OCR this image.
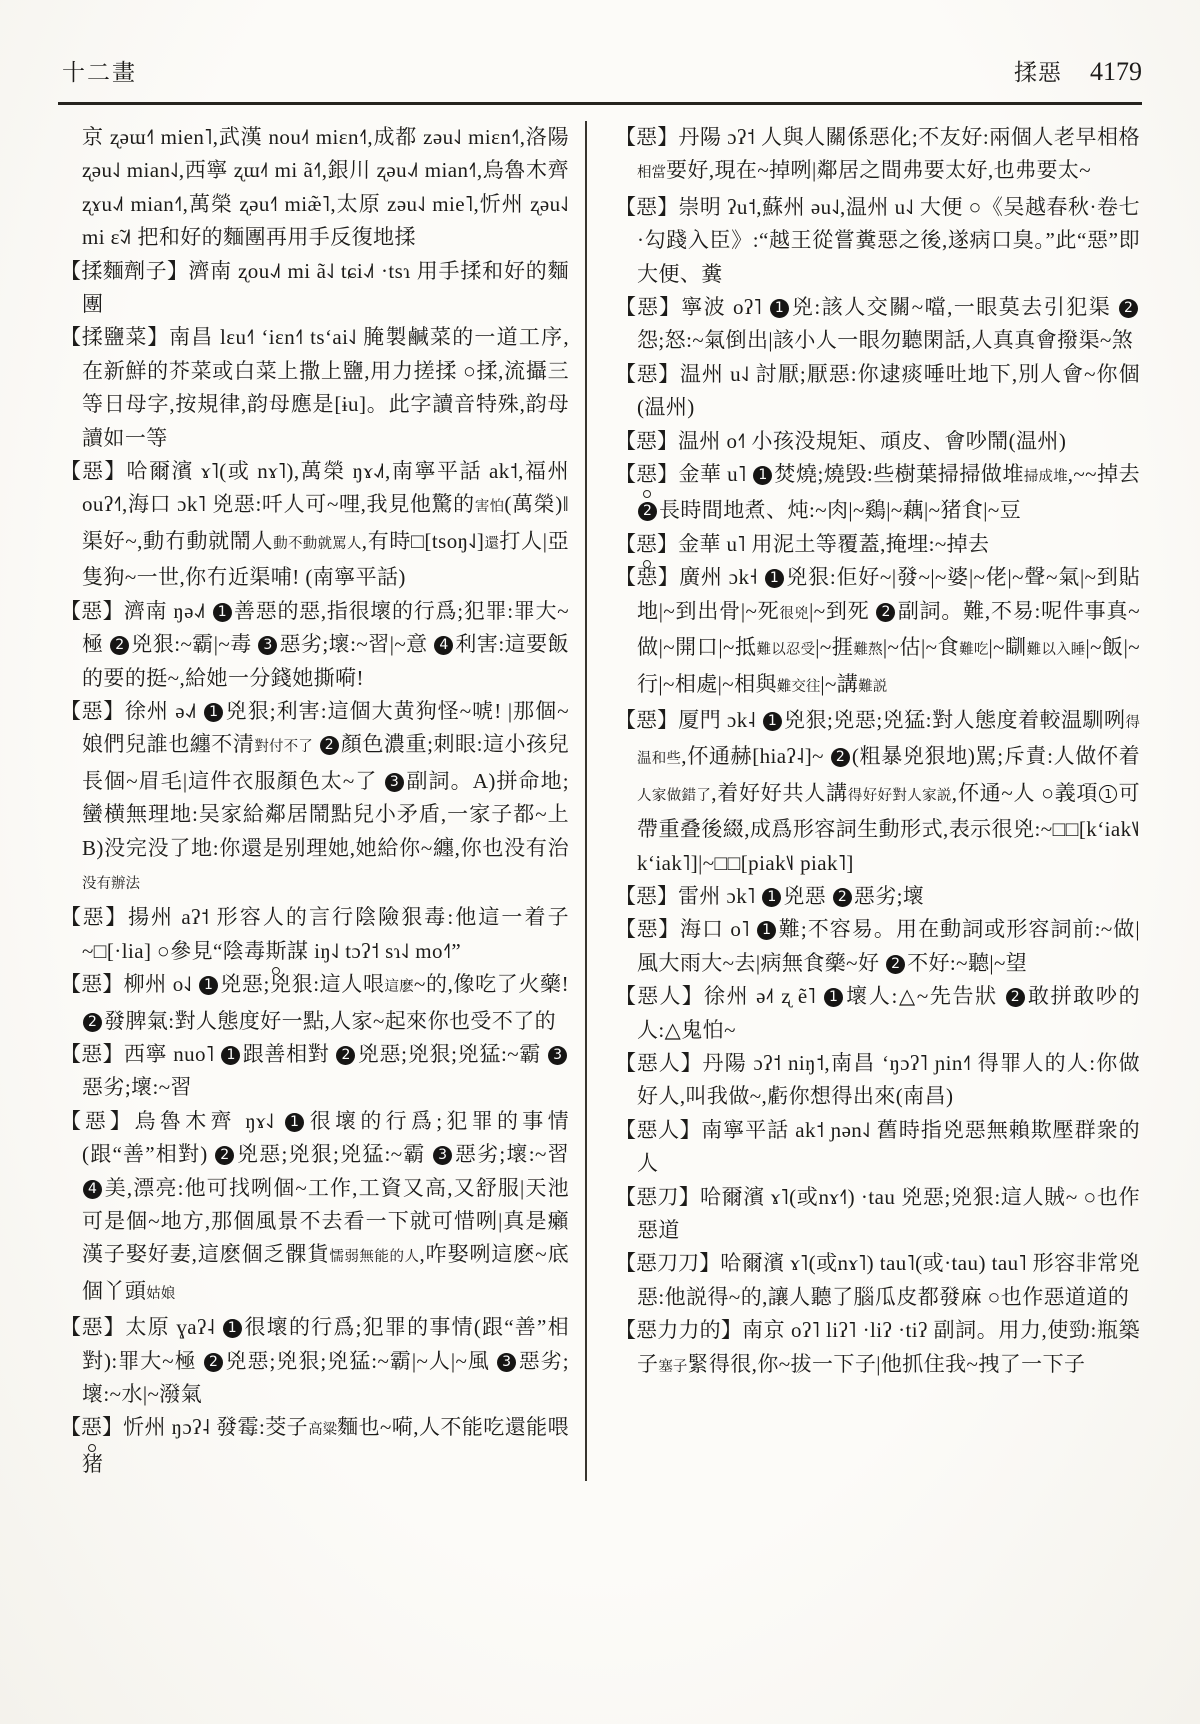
十二畫	揉惡 4179

京 ʐəɯ˧˥ mien˥,武漢 nou˨˦ miɛn˧˥,成都 zəu˨˩ miɛn˧˥,洛陽 ʐəu˨˩ mian˨˩,西寧 ʐɯ˨˦ mi ã˧˥,銀川 ʐəu˨˩˦ mian˧˥,烏魯木齊 ʐɤu˨˩˦ mian˧˥,萬榮 ʐəu˧˥ miæ̃˥,太原 zəu˨˩ mie˥,忻州 ʐəu˨˩ mi ɛ̃˨˩˦ 把和好的麵團再用手反復地揉

【揉麵劑子】濟南 ʐou˨˩˦ mi ã˨˩ tɕi˨˩˦ ·tsɿ 用手揉和好的麵團

【揉鹽菜】南昌 lɛu˧˥ ʻiɛn˧˥ tsʻai˨˩ 腌製鹹菜的一道工序,在新鮮的芥菜或白菜上撒上鹽,用力搓揉 ○揉,流攝三等日母字,按規律,韵母應是[ɨu]。此字讀音特殊,韵母讀如一等

【惡】哈爾濱 ɤ˥(或 nɤ˥),萬榮 ŋɤ˨˩˦,南寧平話 ak˦,福州 ouʔ˧˥,海口 ɔk˥ 兇惡:吀人可~哩,我見他驚的害怕(萬榮)‖渠好~,動冇動就鬧人動不動就罵人,有時□[tsoŋ˨˩]還打人|亞隻狗~一世,你冇近渠哺! (南寧平話)

【惡】濟南 ŋə˨˩˦ 1 善惡的惡,指很壞的行爲;犯罪:罪大~極 2 兇狠:~霸|~毒 3 惡劣;壞:~習|~意 4 利害:這要飯的要的挺~,給她一分錢她撕嗬!

【惡】徐州 ə˨˩˦ 1 兇狠;利害:這個大黄狗怪~唬! |那個~娘們兒誰也纏不清對付不了 2 顏色濃重;刺眼:這小孩兒長個~眉毛|這件衣服顏色太~了 3 副詞。A)拼命地;蠻横無理地:吴家給鄰居鬧點兒小矛盾,一家子都~上 B)没完没了地:你還是别理她,她給你~纏,你也没有治没有辦法

【惡】揚州 aʔ˦ 形容人的言行陰險狠毒:他這一着子~□[·lia] ○參見“陰毒斯謀 iŋ˨˩ tɔʔ˦ sɿ˨˩ mo˧˥”

【惡】柳州 o˨˩ 1 兇惡;兇狠:這人哏這麽~的,像吃了火藥! 2 發脾氣:對人態度好一點,人家~起來你也受不了的

【惡】西寧 nuo˥ 1 跟善相對 2 兇惡;兇狠;兇猛:~霸 3惡劣;壞:~習

【惡】烏魯木齊 ŋɤ˨˩ 1 很壞的行爲;犯罪的事情(跟“善”相對) 2 兇惡;兇狠;兇猛:~霸 3 惡劣;壞:~習 4 美,漂亮:他可找咧個~工作,工資又高,又舒服|天池可是個~地方,那個風景不去看一下就可惜咧|真是癩漢子娶好妻,這麽個乏髁貨懦弱無能的人,咋娶咧這麽~底個丫頭姑娘

【惡】太原 ɣaʔ˨ 1 很壞的行爲;犯罪的事情(跟“善”相對):罪大~極 2 兇惡;兇狠;兇猛:~霸|~人|~風 3 惡劣;壞:~水|~潑氣

【惡】忻州 ŋɔʔ˨ 發霉:茭子高粱麵也~嗬,人不能吃還能喂猪

【惡】丹陽 ɔʔ˦ 人與人關係惡化;不友好:兩個人老早相格相當要好,現在~掉咧|鄰居之間弗要太好,也弗要太~

【惡】崇明 ʔu˦,蘇州 əu˨˩,温州 u˨˩ 大便 ○《吴越春秋·卷七·勾踐入臣》:“越王從嘗糞惡之後,遂病口臭。”此“惡”即大便、糞

【惡】寧波 oʔ˥ 1 兇:該人交關~噹,一眼莫去引犯渠 2怨;怒:~氣倒出|該小人一眼勿聽閑話,人真真會撥渠~煞

【惡】温州 u˨˩ 討厭;厭惡:你逮痰唾吐地下,別人會~你個(温州)

【惡】温州 o˧˥ 小孩没規矩、頑皮、會吵鬧(温州)

【惡】金華 u˥ 1 焚燒;燒毁:些樹葉掃掃做堆掃成堆,~~掉去 2 長時間地煮、炖:~肉|~鷄|~藕|~猪食|~豆

【惡】金華 u˥ 用泥土等覆蓋,掩埋:~掉去

【惡】廣州 ɔk˧ 1 兇狠:佢好~|發~|~婆|~佬|~聲~氣|~到貼地|~到出骨|~死很兇|~到死 2 副詞。難,不易:呢件事真~做|~開口|~抵難以忍受|~捱難熬|~估|~食難吃|~瞓難以入睡|~飯|~行|~相處|~相與難交往|~講難説

【惡】厦門 ɔk˨ 1 兇狠;兇惡;兇猛:對人態度着較温馴咧得温和些,伓通赫[hiaʔ˨]~ 2 (粗暴兇狠地)駡;斥責:人做伓着人家做錯了,着好好共人講得好好對人家説,伓通~人 ○義項 1 可帶重叠後綴,成爲形容詞生動形式,表示很兇:~□□[kʻiak˥˩ kʻiak˥]|~□□[piak˥˩ piak˥]

【惡】雷州 ɔk˥ 1 兇惡 2 惡劣;壞

【惡】海口 o˥ 1 難;不容易。用在動詞或形容詞前:~做|風大雨大~去|病無食藥~好 2 不好:~聽|~望

【惡人】徐州 ə˨˦ ʐ ẽ˥ 1 壞人:△~先告狀 2 敢拼敢吵的人:△鬼怕~

【惡人】丹陽 ɔʔ˦ niŋ˦,南昌 ʻŋɔʔ˥ ɲin˧˥ 得罪人的人:你做好人,叫我做~,虧你想得出來(南昌)

【惡人】南寧平話 ak˦ ɲən˨˩ 舊時指兇惡無賴欺壓群衆的人

【惡刀】哈爾濱 ɤ˥(或nɤ˧˥) ·tau 兇惡;兇狠:這人賊~ ○也作惡道

【惡刀刀】哈爾濱 ɤ˥(或nɤ˥) tau˥(或·tau) tau˥ 形容非常兇惡:他説得~的,讓人聽了腦瓜皮都發麻 ○也作惡道道的

【惡力力的】南京 oʔ˥ liʔ˥ ·liʔ ·tiʔ 副詞。用力,使勁:瓶築子塞子緊得很,你~拔一下子|他抓住我~拽了一下子
